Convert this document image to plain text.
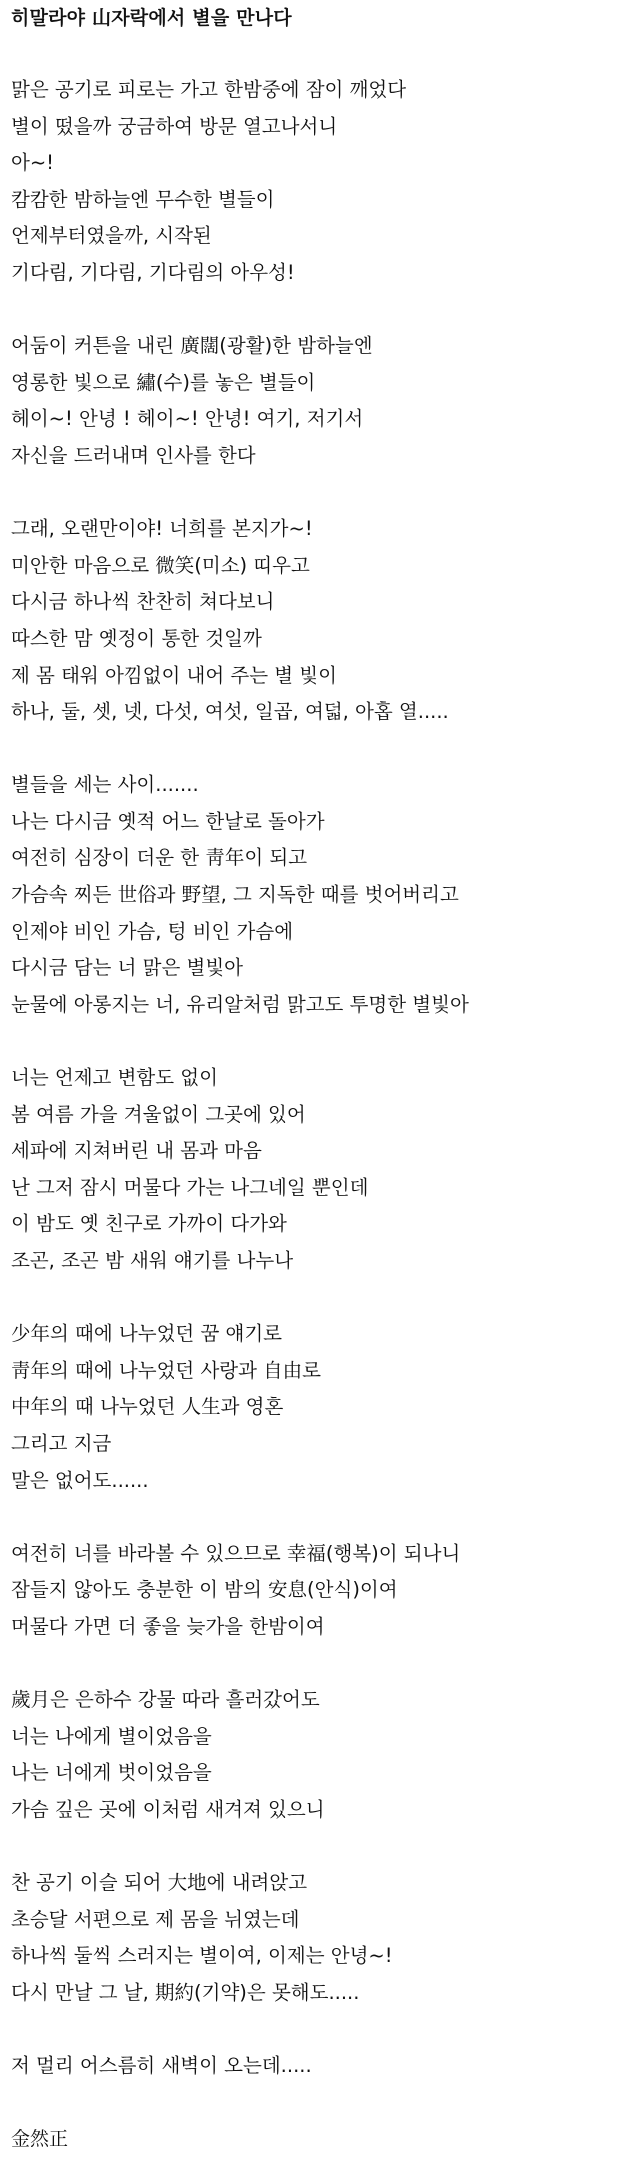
히말라야 山자락에서 별을 만나다
맑은 공기로 피로는 가고 한밤중에 잠이 깨었다
별이 떴을까 궁금하여 방문 열고나서니
아~!
캄캄한 밤하늘엔 무수한 별들이
언제부터였을까, 시작된
기다림, 기다림, 기다림의 아우성!
어둠이 커튼을 내린 廣闊(광활)한 밤하늘엔
영롱한 빛으로 繡(수)를 놓은 별들이
헤이~! 안녕 ! 헤이~! 안녕! 여기, 저기서
자신을 드러내며 인사를 한다
그래, 오랜만이야! 너희를 본지가~!
미안한 마음으로 微笑(미소) 띠우고
다시금 하나씩 찬찬히 쳐다보니
따스한 맘 옛정이 통한 것일까
제 몸 태워 아낌없이 내어 주는 별 빛이
하나, 둘, 셋, 넷, 다섯, 여섯, 일곱, 여덟, 아홉 열.....
별들을 세는 사이.......
나는 다시금 옛적 어느 한날로 돌아가
여전히 심장이 더운 한 靑年이 되고
가슴속 찌든 世俗과 野望, 그 지독한 때를 벗어버리고
인제야 비인 가슴, 텅 비인 가슴에
다시금 담는 너 맑은 별빛아
눈물에 아롱지는 너, 유리알처럼 맑고도 투명한 별빛아
너는 언제고 변함도 없이
봄 여름 가을 겨울없이 그곳에 있어
세파에 지쳐버린 내 몸과 마음
난 그저 잠시 머물다 가는 나그네일 뿐인데
이 밤도 옛 친구로 가까이 다가와
조곤, 조곤 밤 새워 얘기를 나누나
少年의 때에 나누었던 꿈 얘기로
靑年의 때에 나누었던 사랑과 自由로
中年의 때 나누었던 人生과 영혼
그리고 지금
말은 없어도......
여전히 너를 바라볼 수 있으므로 幸福(행복)이 되나니
잠들지 않아도 충분한 이 밤의 安息(안식)이여
머물다 가면 더 좋을 늦가을 한밤이여
歲月은 은하수 강물 따라 흘러갔어도
너는 나에게 별이었음을
나는 너에게 벗이었음을
가슴 깊은 곳에 이처럼 새겨져 있으니
찬 공기 이슬 되어 大地에 내려앉고
초승달 서편으로 제 몸을 뉘였는데
하나씩 둘씩 스러지는 별이여, 이제는 안녕~!
다시 만날 그 날, 期約(기약)은 못해도.....
저 멀리 어스름히 새벽이 오는데.....
金然正
